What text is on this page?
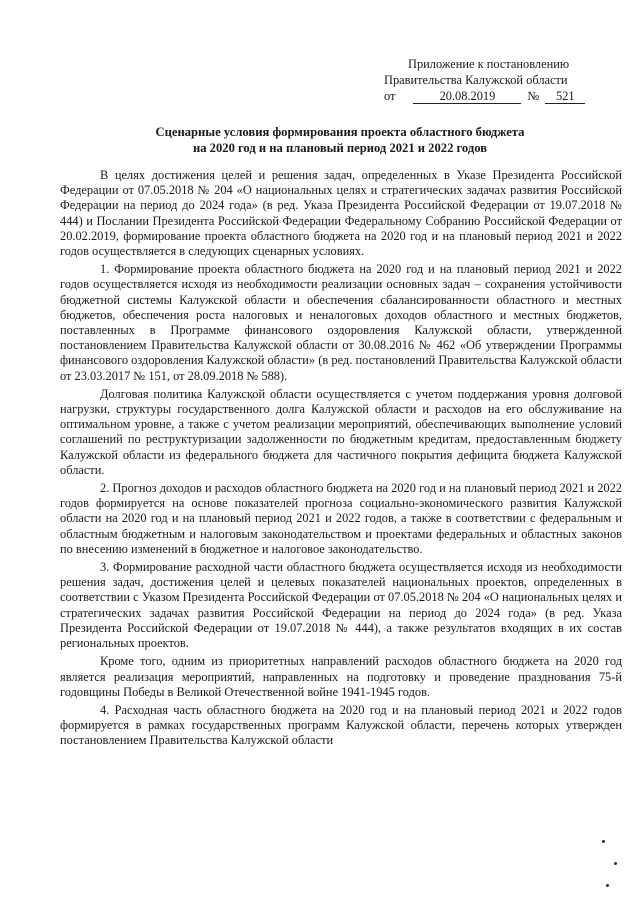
Приложение к постановлению
Правительства Калужской области
от	20.08.2019	№	521
Сценарные условия формирования проекта областного бюджета
на 2020 год и на плановый период 2021 и 2022 годов

В целях достижения целей и решения задач, определенных в Указе Президента Российской Федерации от 07.05.2018 № 204 «О национальных целях и стратегических задачах развития Российской Федерации на период до 2024 года» (в ред. Указа Президента Российской Федерации от 19.07.2018 № 444) и Послании Президента Российской Федерации Федеральному Собранию Российской Федерации от 20.02.2019, формирование проекта областного бюджета на 2020 год и на плановый период 2021 и 2022 годов осуществляется в следующих сценарных условиях.

1. Формирование проекта областного бюджета на 2020 год и на плановый период 2021 и 2022 годов осуществляется исходя из необходимости реализации основных задач – сохранения устойчивости бюджетной системы Калужской области и обеспечения сбалансированности областного и местных бюджетов, обеспечения роста налоговых и неналоговых доходов областного и местных бюджетов, поставленных в Программе финансового оздоровления Калужской области, утвержденной постановлением Правительства Калужской области от 30.08.2016 № 462 «Об утверждении Программы финансового оздоровления Калужской области» (в ред. постановлений Правительства Калужской области от 23.03.2017 № 151, от 28.09.2018 № 588).

Долговая политика Калужской области осуществляется с учетом поддержания уровня долговой нагрузки, структуры государственного долга Калужской области и расходов на его обслуживание на оптимальном уровне, а также с учетом реализации мероприятий, обеспечивающих выполнение условий соглашений по реструктуризации задолженности по бюджетным кредитам, предоставленным бюджету Калужской области из федерального бюджета для частичного покрытия дефицита бюджета Калужской области.

2. Прогноз доходов и расходов областного бюджета на 2020 год и на плановый период 2021 и 2022 годов формируется на основе показателей прогноза социально-экономического развития Калужской области на 2020 год и на плановый период 2021 и 2022 годов, а также в соответствии с федеральным и областным бюджетным и налоговым законодательством и проектами федеральных и областных законов по внесению изменений в бюджетное и налоговое законодательство.

3. Формирование расходной части областного бюджета осуществляется исходя из необходимости решения задач, достижения целей и целевых показателей национальных проектов, определенных в соответствии с Указом Президента Российской Федерации от 07.05.2018 № 204 «О национальных целях и стратегических задачах развития Российской Федерации на период до 2024 года» (в ред. Указа Президента Российской Федерации от 19.07.2018 № 444), а также результатов входящих в их состав региональных проектов.

Кроме того, одним из приоритетных направлений расходов областного бюджета на 2020 год является реализация мероприятий, направленных на подготовку и проведение празднования 75-й годовщины Победы в Великой Отечественной войне 1941-1945 годов.

4. Расходная часть областного бюджета на 2020 год и на плановый период 2021 и 2022 годов формируется в рамках государственных программ Калужской области, перечень которых утвержден постановлением Правительства Калужской области
